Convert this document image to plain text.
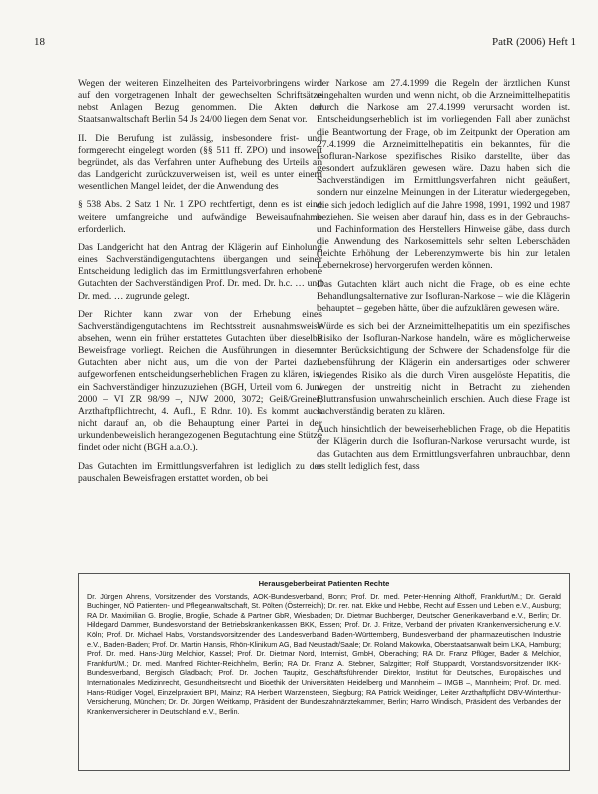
18	PatR (2006) Heft 1

Wegen der weiteren Einzelheiten des Parteivorbringens wird auf den vorgetragenen Inhalt der gewechselten Schriftsätze nebst Anlagen Bezug genommen. Die Akten der Staatsanwaltschaft Berlin 54 Js 24/00 liegen dem Senat vor.

II. Die Berufung ist zulässig, insbesondere frist- und formgerecht eingelegt worden (§§ 511 ff. ZPO) und insoweit begründet, als das Verfahren unter Aufhebung des Urteils an das Landgericht zurückzuverweisen ist, weil es unter einem wesentlichen Mangel leidet, der die Anwendung des

§ 538 Abs. 2 Satz 1 Nr. 1 ZPO rechtfertigt, denn es ist eine weitere umfangreiche und aufwändige Beweisaufnahme erforderlich.

Das Landgericht hat den Antrag der Klägerin auf Einholung eines Sachverständigengutachtens übergangen und seiner Entscheidung lediglich das im Ermittlungsverfahren erhobene Gutachten der Sachverständigen Prof. Dr. med. Dr. h.c. … und Dr. med. … zugrunde gelegt.

Der Richter kann zwar von der Erhebung eines Sachverständigengutachtens im Rechtsstreit ausnahmsweise absehen, wenn ein früher erstattetes Gutachten über dieselbe Beweisfrage vorliegt. Reichen die Ausführungen in diesem Gutachten aber nicht aus, um die von der Partei dazu aufgeworfenen entscheidungserheblichen Fragen zu klären, ist ein Sachverständiger hinzuzuziehen (BGH, Urteil vom 6. Juni 2000 – VI ZR 98/99 –, NJW 2000, 3072; Geiß/Greiner, Arzthaftpflichtrecht, 4. Aufl., E Rdnr. 10). Es kommt auch nicht darauf an, ob die Behauptung einer Partei in der urkundenbeweislich herangezogenen Begutachtung eine Stütze findet oder nicht (BGH a.a.O.).

Das Gutachten im Ermittlungsverfahren ist lediglich zu der pauschalen Beweisfragen erstattet worden, ob bei

der Narkose am 27.4.1999 die Regeln der ärztlichen Kunst eingehalten wurden und wenn nicht, ob die Arzneimittelhepatitis durch die Narkose am 27.4.1999 verursacht worden ist. Entscheidungserheblich ist im vorliegenden Fall aber zunächst die Beantwortung der Frage, ob im Zeitpunkt der Operation am 27.4.1999 die Arzneimittelhepatitis ein bekanntes, für die Isofluran-Narkose spezifisches Risiko darstellte, über das gesondert aufzuklären gewesen wäre. Dazu haben sich die Sachverständigen im Ermittlungsverfahren nicht geäußert, sondern nur einzelne Meinungen in der Literatur wiedergegeben, die sich jedoch lediglich auf die Jahre 1998, 1991, 1992 und 1987 beziehen. Sie weisen aber darauf hin, dass es in der Gebrauchs- und Fachinformation des Herstellers Hinweise gäbe, dass durch die Anwendung des Narkosemittels sehr selten Leberschäden (leichte Erhöhung der Leberenzymwerte bis hin zur letalen Lebernekrose) hervorgerufen werden können.

Das Gutachten klärt auch nicht die Frage, ob es eine echte Behandlungsalternative zur Isofluran-Narkose – wie die Klägerin behauptet – gegeben hätte, über die aufzuklären gewesen wäre.

Würde es sich bei der Arzneimittelhepatitis um ein spezifisches Risiko der Isofluran-Narkose handeln, wäre es möglicherweise unter Berücksichtigung der Schwere der Schadensfolge für die Lebensführung der Klägerin ein andersartiges oder schwerer wiegendes Risiko als die durch Viren ausgelöste Hepatitis, die wegen der unstreitig nicht in Betracht zu ziehenden Bluttransfusion unwahrscheinlich erschien. Auch diese Frage ist sachverständig beraten zu klären.

Auch hinsichtlich der beweiserheblichen Frage, ob die Hepatitis der Klägerin durch die Isofluran-Narkose verursacht wurde, ist das Gutachten aus dem Ermittlungsverfahren unbrauchbar, denn es stellt lediglich fest, dass

Herausgeberbeirat Patienten Rechte
Dr. Jürgen Ahrens, Vorsitzender des Vorstands, AOK-Bundesverband, Bonn; Prof. Dr. med. Peter-Henning Althoff, Frankfurt/M.; Dr. Gerald Buchinger, NÖ Patienten- und Pflegeanwaltschaft, St. Pölten (Österreich); Dr. rer. nat. Ekke und Hebbe, Recht auf Essen und Leben e.V., Ausburg; RA Dr. Maximilian G. Broglie, Broglie, Schade & Partner GbR, Wiesbaden; Dr. Dietmar Buchberger, Deutscher Generikaverband e.V., Berlin; Dr. Hildegard Dammer, Bundesvorstand der Betriebskrankenkassen BKK, Essen; Prof. Dr. J. Fritze, Verband der privaten Krankenversicherung e.V. Köln; Prof. Dr. Michael Habs, Vorstandsvorsitzender des Landesverband Baden-Württemberg, Bundesverband der pharmazeutischen Industrie e.V., Baden-Baden; Prof. Dr. Martin Hansis, Rhön-Klinikum AG, Bad Neustadt/Saale; Dr. Roland Makowka, Oberstaatsanwalt beim LKA, Hamburg; Prof. Dr. med. Hans-Jürg Melchior, Kassel; Prof. Dr. Dietmar Nord, Internist, GmbH, Oberaching; RA Dr. Franz Pflüger, Bader & Melchior, Frankfurt/M.; Dr. med. Manfred Richter-Reichhelm, Berlin; RA Dr. Franz A. Stebner, Salzgitter; Rolf Stuppardt, Vorstandsvorsitzender IKK-Bundesverband, Bergisch Gladbach; Prof. Dr. Jochen Taupitz, Geschäftsführender Direktor, Institut für Deutsches, Europäisches und Internationales Medizinrecht, Gesundheitsrecht und Bioethik der Universitäten Heidelberg und Mannheim – IMGB –, Mannheim; Prof. Dr. med. Hans-Rüdiger Vogel, Einzelpraxiert BPI, Mainz; RA Herbert Warzensteen, Siegburg; RA Patrick Weidinger, Leiter Arzthaftpflicht DBV-Winterthur-Versicherung, München; Dr. Dr. Jürgen Weitkamp, Präsident der Bundeszahnärztekammer, Berlin; Harro Windisch, Präsident des Verbandes der Krankenversicherer in Deutschland e.V., Berlin.
